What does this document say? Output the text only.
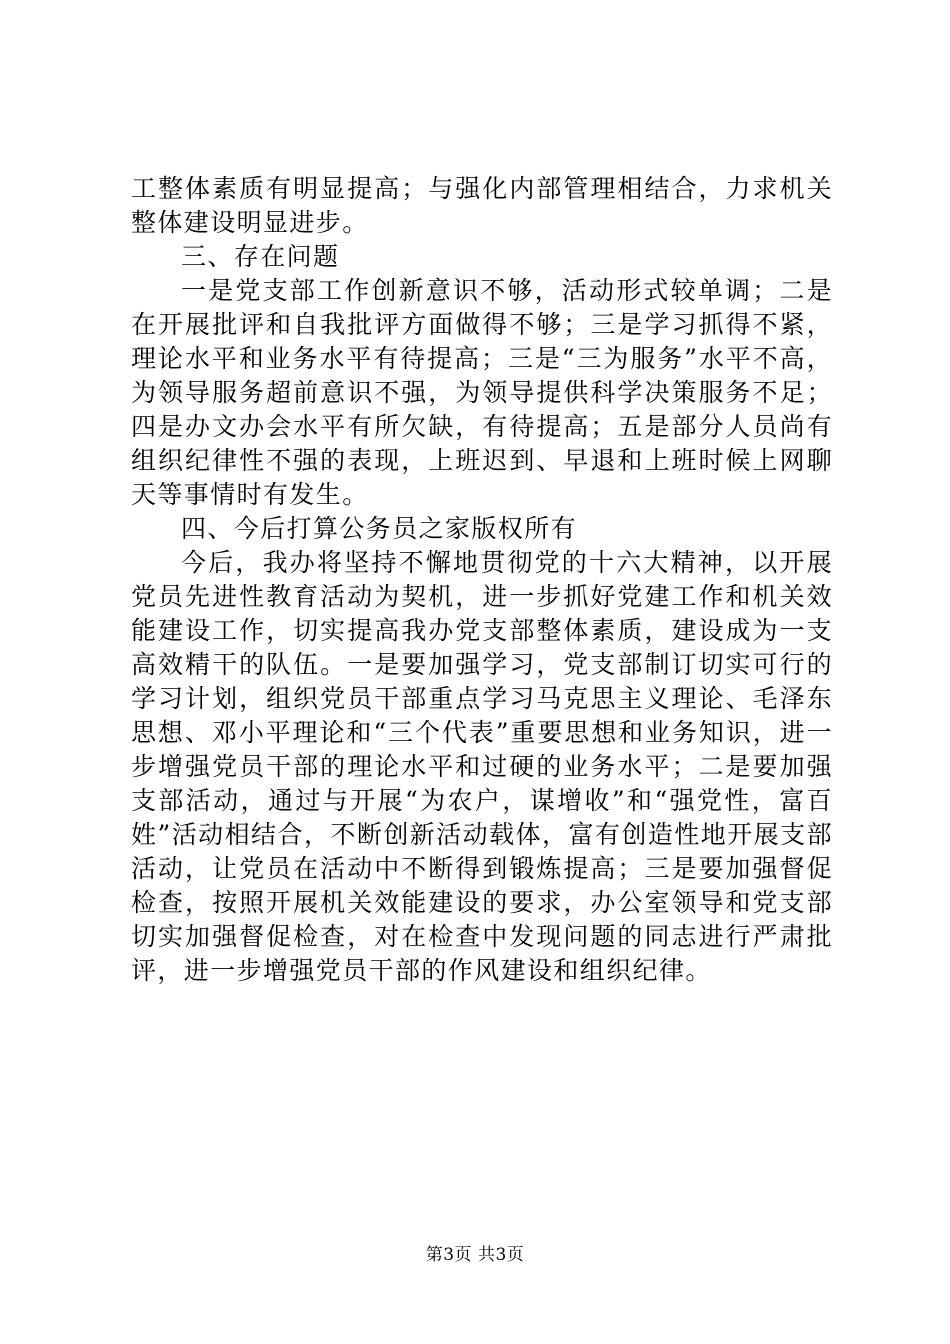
工整体素质有明显提高；与强化内部管理相结合，力求机关整体建设明显进步。

三、存在问题

一是党支部工作创新意识不够，活动形式较单调；二是在开展批评和自我批评方面做得不够；三是学习抓得不紧，理论水平和业务水平有待提高；三是“三为服务”水平不高，为领导服务超前意识不强，为领导提供科学决策服务不足；四是办文办会水平有所欠缺，有待提高；五是部分人员尚有组织纪律性不强的表现，上班迟到、早退和上班时候上网聊天等事情时有发生。

四、今后打算公务员之家版权所有

今后，我办将坚持不懈地贯彻党的十六大精神，以开展党员先进性教育活动为契机，进一步抓好党建工作和机关效能建设工作，切实提高我办党支部整体素质，建设成为一支高效精干的队伍。一是要加强学习，党支部制订切实可行的学习计划，组织党员干部重点学习马克思主义理论、毛泽东思想、邓小平理论和“三个代表”重要思想和业务知识，进一步增强党员干部的理论水平和过硬的业务水平；二是要加强支部活动，通过与开展“为农户，谋增收”和“强党性，富百姓”活动相结合，不断创新活动载体，富有创造性地开展支部活动，让党员在活动中不断得到锻炼提高；三是要加强督促检查，按照开展机关效能建设的要求，办公室领导和党支部切实加强督促检查，对在检查中发现问题的同志进行严肃批评，进一步增强党员干部的作风建设和组织纪律。

第3页 共3页
